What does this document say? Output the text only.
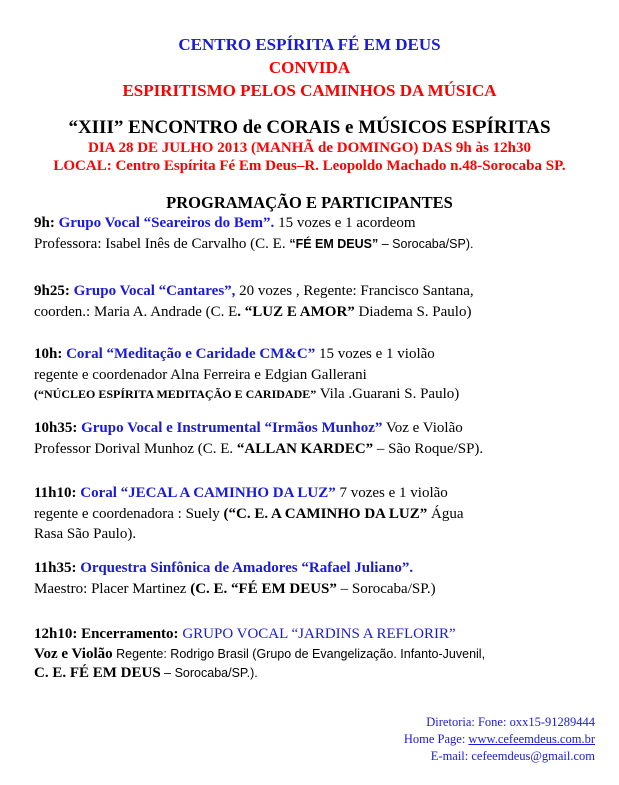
CENTRO ESPÍRITA FÉ EM DEUS
CONVIDA
ESPIRITISMO PELOS CAMINHOS DA MÚSICA
“XIII” ENCONTRO de CORAIS e MÚSICOS ESPÍRITAS
DIA 28 DE JULHO 2013 (MANHÃ de DOMINGO) DAS 9h às 12h30
LOCAL: Centro Espírita Fé Em Deus–R. Leopoldo Machado n.48-Sorocaba SP.
PROGRAMAÇÃO E PARTICIPANTES
9h: Grupo Vocal “Seareiros do Bem”. 15 vozes e 1 acordeom
Professora: Isabel Inês de Carvalho (C. E. “FÉ EM DEUS” – Sorocaba/SP).
9h25: Grupo Vocal “Cantares”, 20 vozes , Regente: Francisco Santana,
coorden.: Maria A. Andrade (C. E. “LUZ E AMOR” Diadema S. Paulo)
10h: Coral “Meditação e Caridade CM&C” 15 vozes e 1 violão
regente e coordenador Alna Ferreira e Edgian Gallerani
(“NÚCLEO ESPÍRITA MEDITAÇÃO E CARIDADE” Vila .Guarani S. Paulo)
10h35: Grupo Vocal e Instrumental “Irmãos Munhoz” Voz e Violão
Professor Dorival Munhoz (C. E. “ALLAN KARDEC” – São Roque/SP).
11h10: Coral “JECAL A CAMINHO DA LUZ” 7 vozes e 1 violão
regente e coordenadora : Suely (“C. E. A CAMINHO DA LUZ” Água
Rasa São Paulo).
11h35: Orquestra Sinfônica de Amadores “Rafael Juliano”.
Maestro: Placer Martinez (C. E. “FÉ EM DEUS” – Sorocaba/SP.)
12h10: Encerramento: GRUPO VOCAL “JARDINS A REFLORIR”
Voz e Violão Regente: Rodrigo Brasil (Grupo de Evangelização. Infanto-Juvenil,
C. E. FÉ EM DEUS – Sorocaba/SP.).
Diretoria: Fone: oxx15-91289444
Home Page: www.cefeemdeus.com.br
E-mail: cefeemdeus@gmail.com
